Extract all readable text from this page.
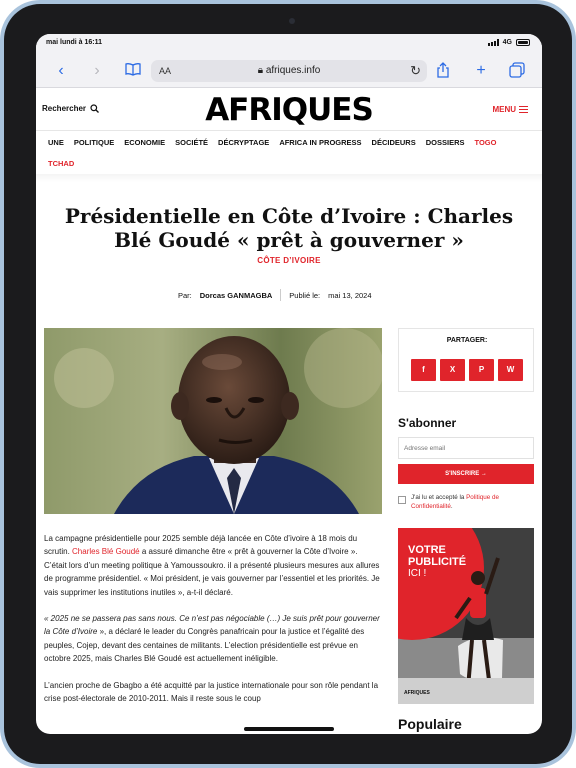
mai lundi à 16:11	4G
‹	›	AA	🔒︎ afriques.info	↻	+
Rechercher	AFRIQUES	MENU
UNE POLITIQUE ECONOMIE SOCIÉTÉ DÉCRYPTAGE AFRICA IN PROGRESS DÉCIDEURS DOSSIERS TOGO
TCHAD
Présidentielle en Côte d’Ivoire : Charles Blé Goudé « prêt à gouverner »
CÔTE D’IVOIRE
Par: Dorcas GANMAGBA Publié le: mai 13, 2024

La campagne présidentielle pour 2025 semble déjà lancée en Côte d’ivoire à 18 mois du scrutin. Charles Blé Goudé a assuré dimanche être « prêt à gouverner la Côte d’Ivoire ». C’était lors d’un meeting politique à Yamoussoukro. il a présenté plusieurs mesures aux allures de programme présidentiel. « Moi président, je vais gouverner par l’essentiel et les priorités. Je vais supprimer les institutions inutiles », a-t-il déclaré.

« 2025 ne se passera pas sans nous. Ce n’est pas négociable (…) Je suis prêt pour gouverner la Côte d’Ivoire », a déclaré le leader du Congrès panafricain pour la justice et l’égalité des peuples, Cojep, devant des centaines de militants. L’election présidentielle est prévue en octobre 2025, mais Charles Blé Goudé est actuellement inéligible.

L’ancien proche de Gbagbo a été acquitté par la justice internationale pour son rôle pendant la crise post-électorale de 2010-2011. Mais il reste sous le coup

PARTAGER:
f	X	P	W
S'abonner
Adresse email
S'INSCRIRE →
J'ai lu et accepté la Politique de Confidentialité.
VOTRE
PUBLICITÉ
ICI !
AFRIQUES
Populaire
